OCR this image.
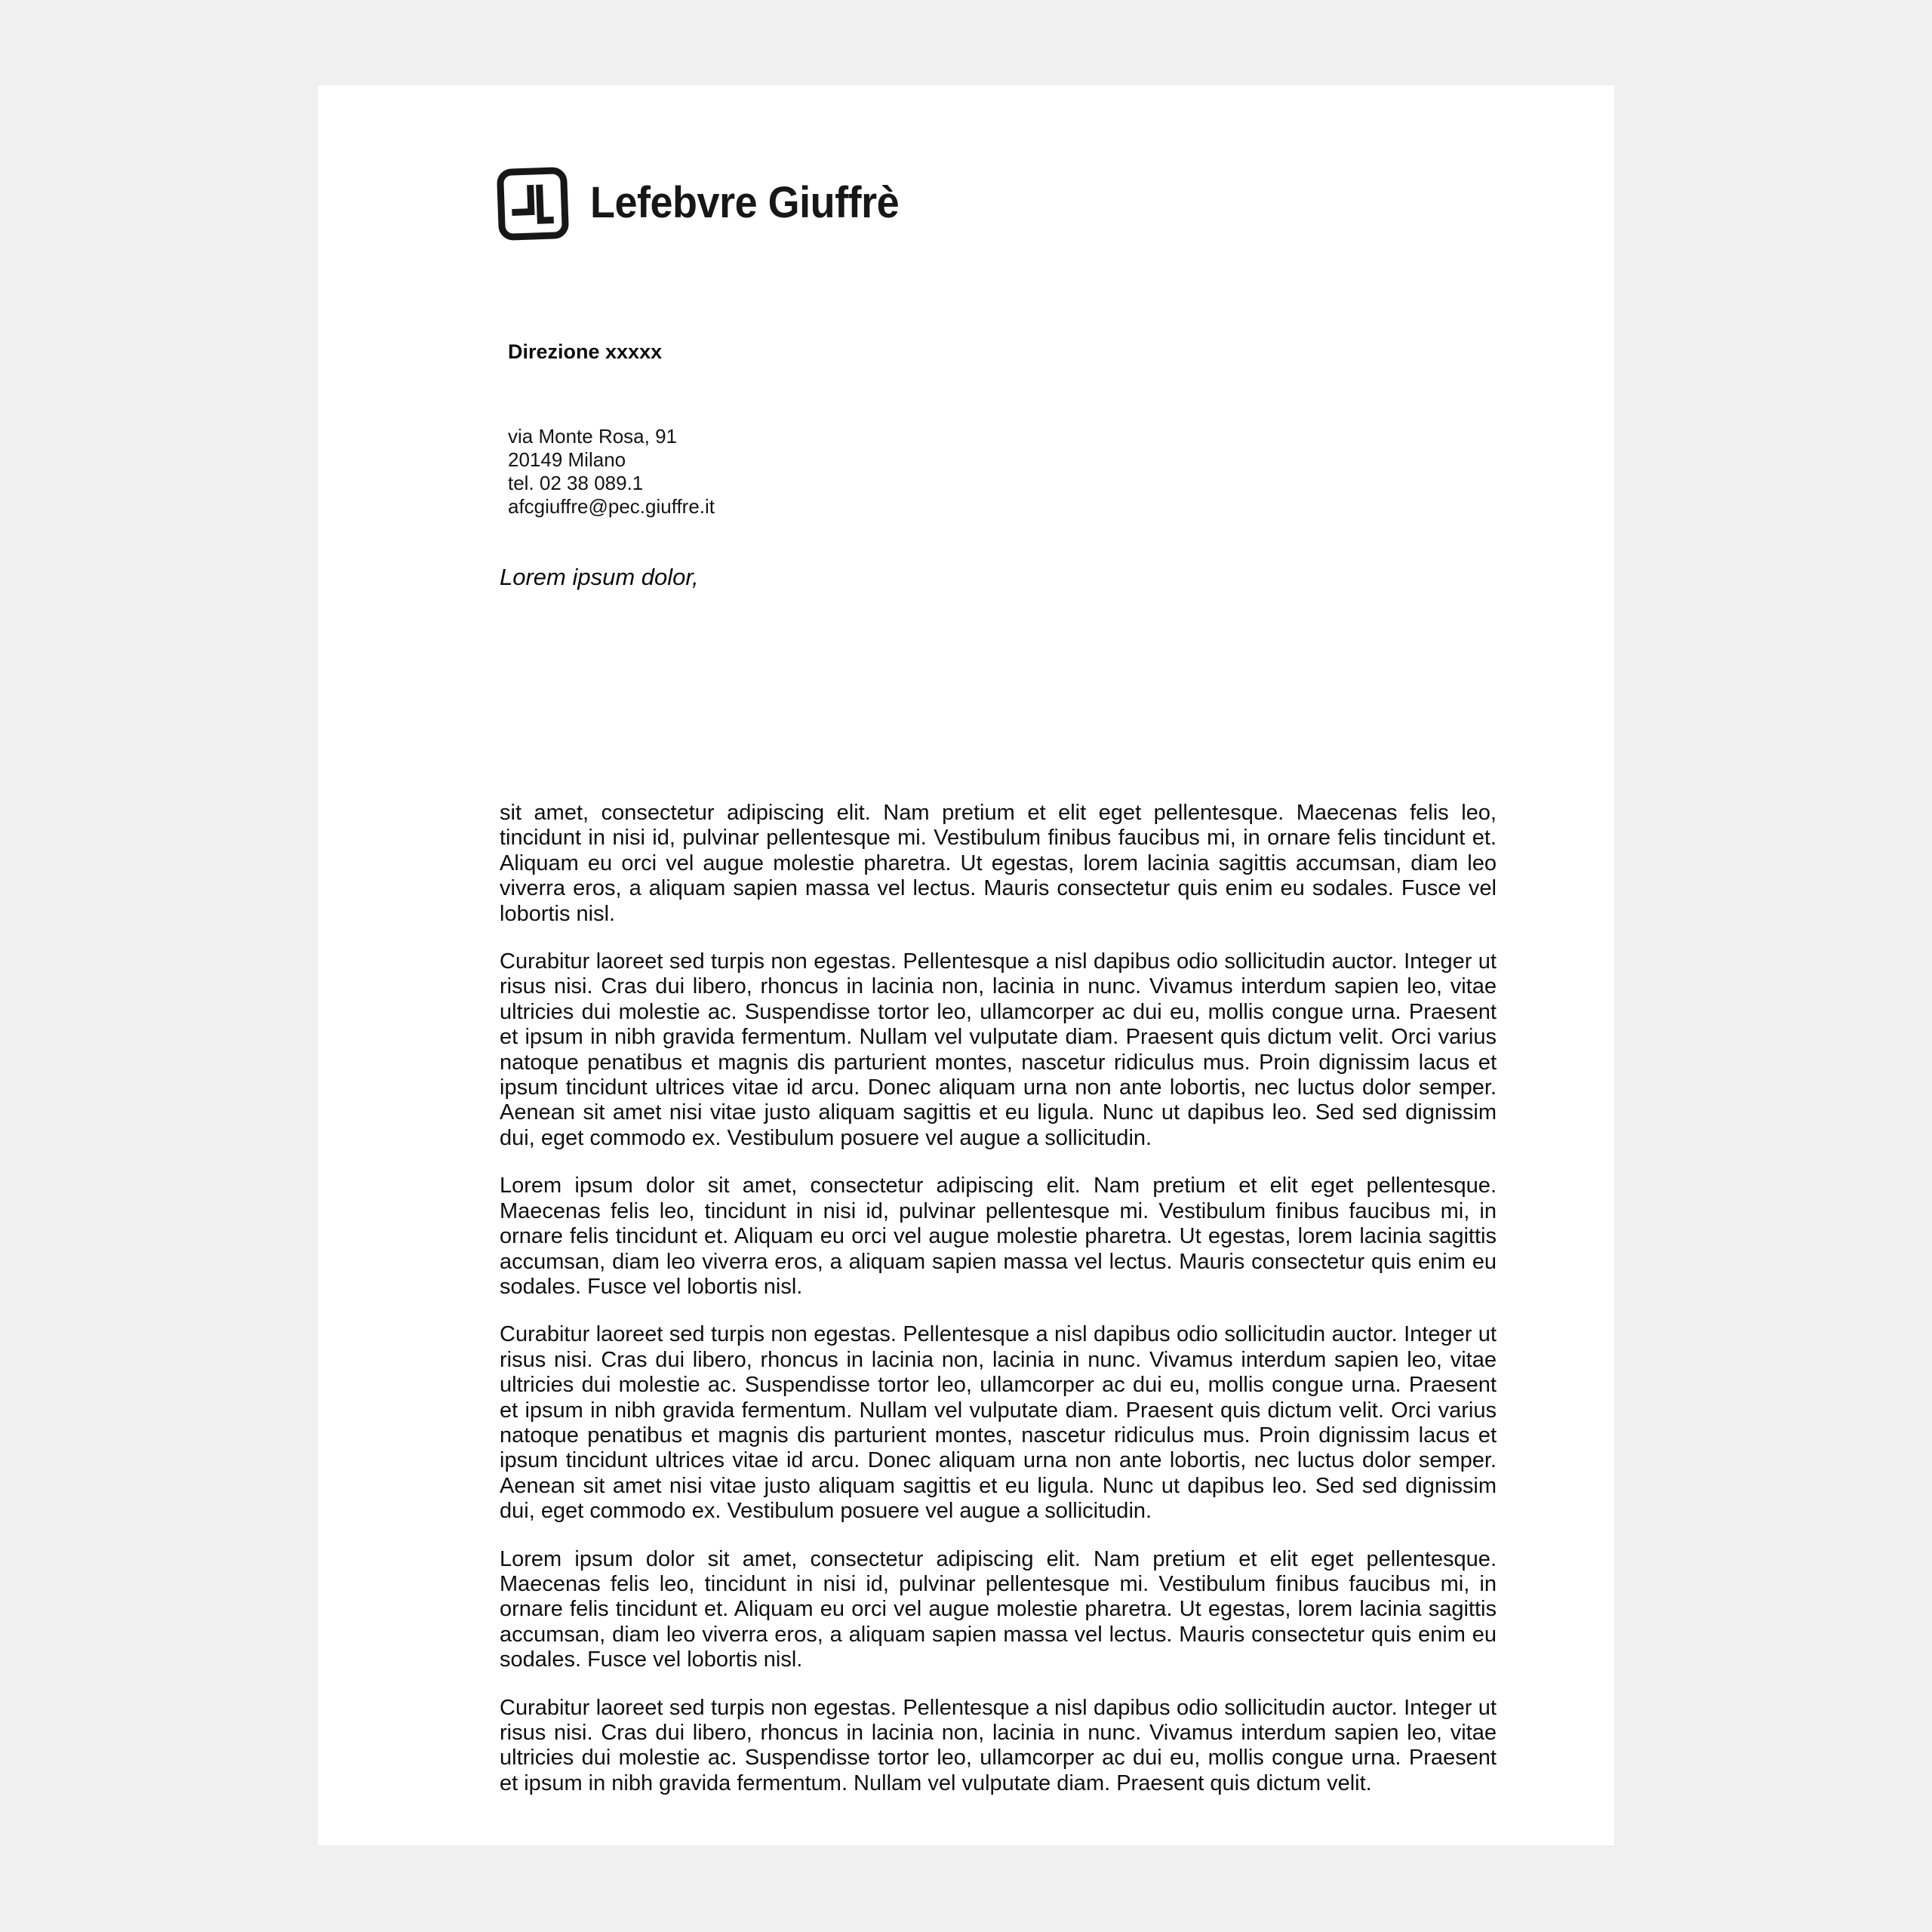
Lefebvre Giuffrè
Direzione xxxxx
via Monte Rosa, 91
20149 Milano
tel. 02 38 089.1
afcgiuffre@pec.giuffre.it
Lorem ipsum dolor,

sit amet, consectetur adipiscing elit. Nam pretium et elit eget pellentesque. Maecenas felis leo, tincidunt in nisi id, pulvinar pellentesque mi. Vestibulum finibus faucibus mi, in ornare felis tincidunt et. Aliquam eu orci vel augue molestie pharetra. Ut egestas, lorem lacinia sagittis accumsan, diam leo viverra eros, a aliquam sapien massa vel lectus. Mauris consectetur quis enim eu sodales. Fusce vel lobortis nisl.

Curabitur laoreet sed turpis non egestas. Pellentesque a nisl dapibus odio sollicitudin auctor. Integer ut risus nisi. Cras dui libero, rhoncus in lacinia non, lacinia in nunc. Vivamus interdum sapien leo, vitae ultricies dui molestie ac. Suspendisse tortor leo, ullamcorper ac dui eu, mollis congue urna. Praesent et ipsum in nibh gravida fermentum. Nullam vel vulputate diam. Praesent quis dictum velit. Orci varius natoque penatibus et magnis dis parturient montes, nascetur ridiculus mus. Proin dignissim lacus et ipsum tincidunt ultrices vitae id arcu. Donec aliquam urna non ante lobortis, nec luctus dolor semper. Aenean sit amet nisi vitae justo aliquam sagittis et eu ligula. Nunc ut dapibus leo. Sed sed dignissim dui, eget commodo ex. Vestibulum posuere vel augue a sollicitudin.

Lorem ipsum dolor sit amet, consectetur adipiscing elit. Nam pretium et elit eget pellentesque. Maecenas felis leo, tincidunt in nisi id, pulvinar pellentesque mi. Vestibulum finibus faucibus mi, in ornare felis tincidunt et. Aliquam eu orci vel augue molestie pharetra. Ut egestas, lorem lacinia sagittis accumsan, diam leo viverra eros, a aliquam sapien massa vel lectus. Mauris consectetur quis enim eu sodales. Fusce vel lobortis nisl.

Curabitur laoreet sed turpis non egestas. Pellentesque a nisl dapibus odio sollicitudin auctor. Integer ut risus nisi. Cras dui libero, rhoncus in lacinia non, lacinia in nunc. Vivamus interdum sapien leo, vitae ultricies dui molestie ac. Suspendisse tortor leo, ullamcorper ac dui eu, mollis congue urna. Praesent et ipsum in nibh gravida fermentum. Nullam vel vulputate diam. Praesent quis dictum velit. Orci varius natoque penatibus et magnis dis parturient montes, nascetur ridiculus mus. Proin dignissim lacus et ipsum tincidunt ultrices vitae id arcu. Donec aliquam urna non ante lobortis, nec luctus dolor semper. Aenean sit amet nisi vitae justo aliquam sagittis et eu ligula. Nunc ut dapibus leo. Sed sed dignissim dui, eget commodo ex. Vestibulum posuere vel augue a sollicitudin.

Lorem ipsum dolor sit amet, consectetur adipiscing elit. Nam pretium et elit eget pellentesque. Maecenas felis leo, tincidunt in nisi id, pulvinar pellentesque mi. Vestibulum finibus faucibus mi, in ornare felis tincidunt et. Aliquam eu orci vel augue molestie pharetra. Ut egestas, lorem lacinia sagittis accumsan, diam leo viverra eros, a aliquam sapien massa vel lectus. Mauris consectetur quis enim eu sodales. Fusce vel lobortis nisl.

Curabitur laoreet sed turpis non egestas. Pellentesque a nisl dapibus odio sollicitudin auctor. Integer ut risus nisi. Cras dui libero, rhoncus in lacinia non, lacinia in nunc. Vivamus interdum sapien leo, vitae ultricies dui molestie ac. Suspendisse tortor leo, ullamcorper ac dui eu, mollis congue urna. Praesent et ipsum in nibh gravida fermentum. Nullam vel vulputate diam. Praesent quis dictum velit.
